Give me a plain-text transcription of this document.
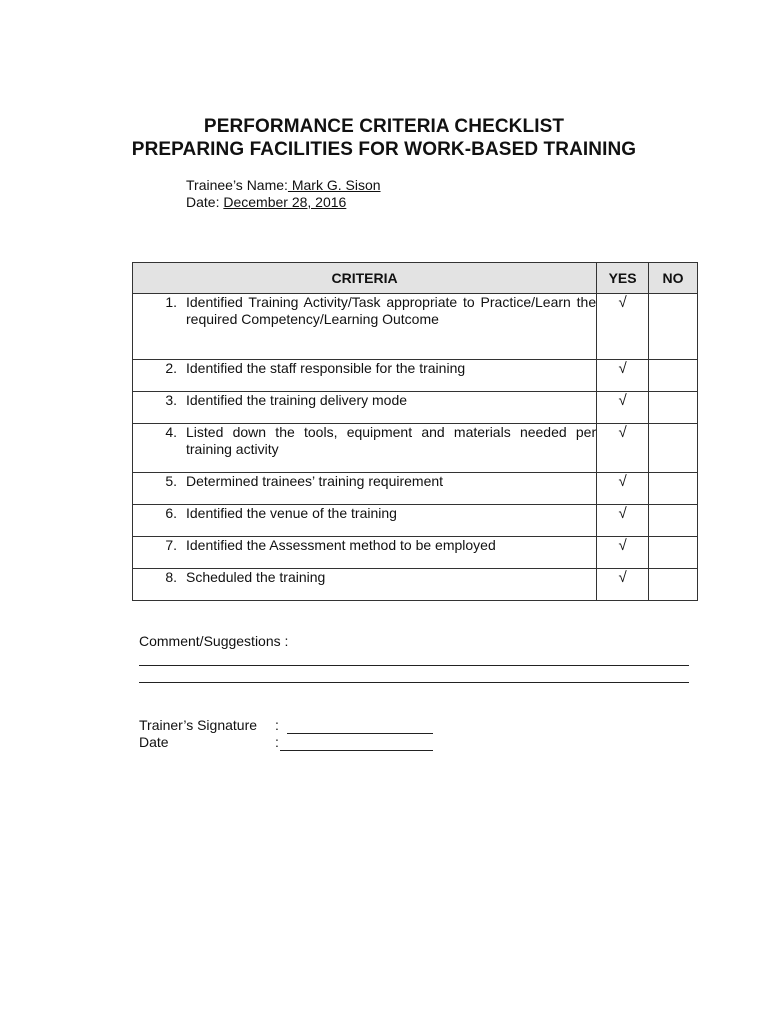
PERFORMANCE CRITERIA CHECKLIST
PREPARING FACILITIES FOR WORK-BASED TRAINING
Trainee’s Name: Mark G. Sison
Date: December 28, 2016
CRITERIA	YES	NO

1. Identified Training Activity/Task appropriate to Practice/Learn the required Competency/Learning Outcome	√	

2. Identified the staff responsible for the training	√	

3. Identified the training delivery mode	√	

4. Listed down the tools, equipment and materials needed per training activity	√	

5. Determined trainees’ training requirement	√	

6. Identified the venue of the training	√	

7. Identified the Assessment method to be employed	√	

8. Scheduled the training	√	
Comment/Suggestions :
Trainer’s Signature :
Date	:
